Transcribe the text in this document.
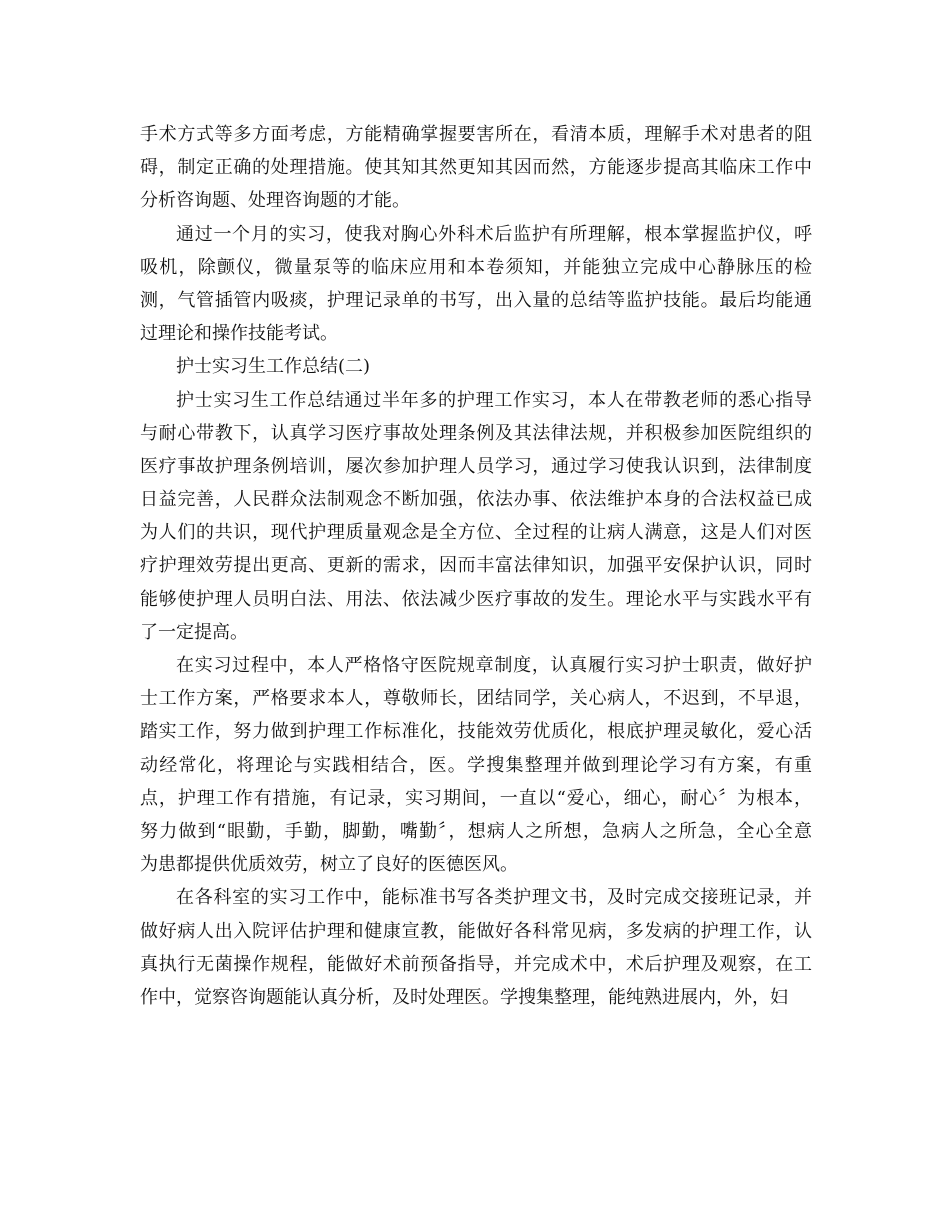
手术方式等多方面考虑，方能精确掌握要害所在，看清本质，理解手术对患者的阻
碍，制定正确的处理措施。使其知其然更知其因而然，方能逐步提高其临床工作中
分析咨询题、处理咨询题的才能。
通过一个月的实习，使我对胸心外科术后监护有所理解，根本掌握监护仪，呼
吸机，除颤仪，微量泵等的临床应用和本卷须知，并能独立完成中心静脉压的检
测，气管插管内吸痰，护理记录单的书写，出入量的总结等监护技能。最后均能通
过理论和操作技能考试。
护士实习生工作总结(二)
护士实习生工作总结通过半年多的护理工作实习，本人在带教老师的悉心指导
与耐心带教下，认真学习医疗事故处理条例及其法律法规，并积极参加医院组织的
医疗事故护理条例培训，屡次参加护理人员学习，通过学习使我认识到，法律制度
日益完善，人民群众法制观念不断加强，依法办事、依法维护本身的合法权益已成
为人们的共识，现代护理质量观念是全方位、全过程的让病人满意，这是人们对医
疗护理效劳提出更高、更新的需求，因而丰富法律知识，加强平安保护认识，同时
能够使护理人员明白法、用法、依法减少医疗事故的发生。理论水平与实践水平有
了一定提高。
在实习过程中，本人严格恪守医院规章制度，认真履行实习护士职责，做好护
士工作方案，严格要求本人，尊敬师长，团结同学，关心病人，不迟到，不早退，
踏实工作，努力做到护理工作标准化，技能效劳优质化，根底护理灵敏化，爱心活
动经常化，将理论与实践相结合，医。学搜集整理并做到理论学习有方案，有重
点，护理工作有措施，有记录，实习期间，一直以“爱心，细心，耐心〞为根本，
努力做到“眼勤，手勤，脚勤，嘴勤〞，想病人之所想，急病人之所急，全心全意
为患都提供优质效劳，树立了良好的医德医风。
在各科室的实习工作中，能标准书写各类护理文书，及时完成交接班记录，并
做好病人出入院评估护理和健康宣教，能做好各科常见病，多发病的护理工作，认
真执行无菌操作规程，能做好术前预备指导，并完成术中，术后护理及观察，在工
作中，觉察咨询题能认真分析，及时处理医。学搜集整理，能纯熟进展内，外，妇
